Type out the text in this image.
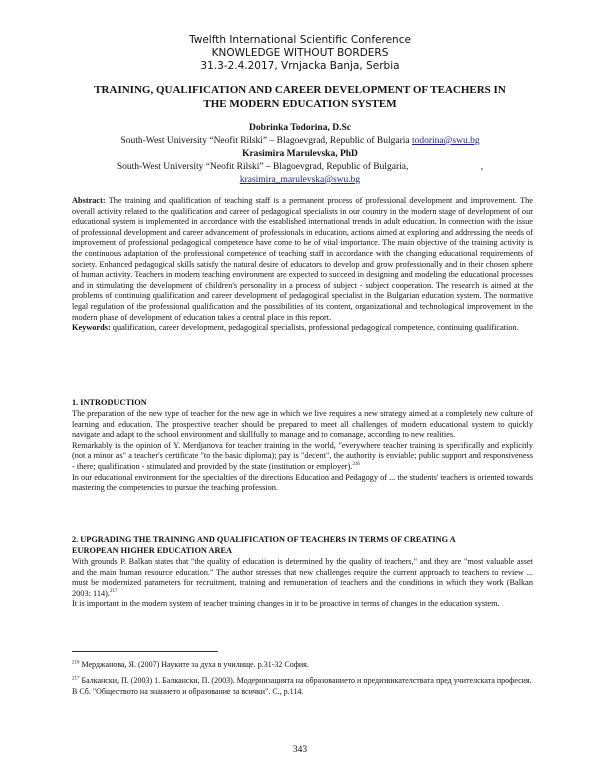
Twelfth International Scientific Conference
KNOWLEDGE WITHOUT BORDERS
31.3-2.4.2017, Vrnjacka Banja, Serbia
TRAINING, QUALIFICATION AND CAREER DEVELOPMENT OF TEACHERS IN
THE MODERN EDUCATION SYSTEM
Dobrinka Todorina, D.Sc
South-West University “Neofit Rilski” – Blagoevgrad, Republic of Bulgaria todorina@swu.bg
Krasimira Marulevska, PhD
South-West University “Neofit Rilski” – Blagoevgrad, Republic of Bulgaria,	,
krasimira_marulevska@swu.bg

Abstract: The training and qualification of teaching staff is a permanent process of professional development and improvement. The overall activity related to the qualification and career of pedagogical specialists in our country in the modern stage of development of our educational system is implemented in accordance with the established international trends in adult education. In connection with the issue of professional development and career advancement of professionals in education, actions aimed at exploring and addressing the needs of improvement of professional pedagogical competence have come to be of vital importance. The main objective of the training activity is the continuous adaptation of the professional competence of teaching staff in accordance with the changing educational requirements of society. Enhanced pedagogical skills satisfy the natural desire of educators to develop and grow professionally and in their chosen sphere of human activity. Teachers in modern teaching environment are expected to succeed in designing and modeling the educational processes and in stimulating the development of children's personality in a process of subject - subject cooperation. The research is aimed at the problems of continuing qualification and career development of pedagogical specialist in the Bulgarian education system. The normative legal regulation of the professional qualification and the possibilities of its content, organizational and technological improvement in the modern phase of development of education takes a central place in this report.

Keywords: qualification, career development, pedagogical specialists, professional pedagogical competence, continuing qualification.

1. INTRODUCTION

The preparation of the new type of teacher for the new age in which we live requires a new strategy aimed at a completely new culture of learning and education. The prospective teacher should be prepared to meet all challenges of modern educational system to quickly navigate and adapt to the school environment and skillfully to manage and to comanage, according to new realities.

Remarkably is the opinion of Y. Merdjanova for teacher training in the world, "everywhere teacher training is specifically and explicitly (not a minor as" a teacher's certificate "to the basic diploma); pay is "decent", the authority is enviable; public support and responsiveness - there; qualification - stimulated and provided by the state (institution or employer).$^{216}$

In our educational environment for the specialties of the directions Education and Pedagogy of ... the students' teachers is oriented towards mastering the competencies to pursue the teaching profession.

2. UPGRADING THE TRAINING AND QUALIFICATION OF TEACHERS IN TERMS OF CREATING A
EUROPEAN HIGHER EDUCATION AREA

With grounds P. Balkan states that "the quality of education is determined by the quality of teachers," and they are "most valuable asset and the main human resource education." The author stresses that new challenges require the current approach to teachers to review ... must be modernized parameters for recruitment, training and remuneration of teachers and the conditions in which they work (Balkan 2003: 114).$^{217}$

It is important in the modern system of teacher training changes in it to be proactive in terms of changes in the education system.

$^{216}$ Мерджанова, Я. (2007) Науките за духа в училище. р.31-32 София.
$^{217}$ Балкански, П. (2003) 1. Балкански, П. (2003). Модернизацията на образованието и предизвикателствата пред учителската професия. В Сб. "Обществото на знанието и образование за всички". С., р.114.
343
